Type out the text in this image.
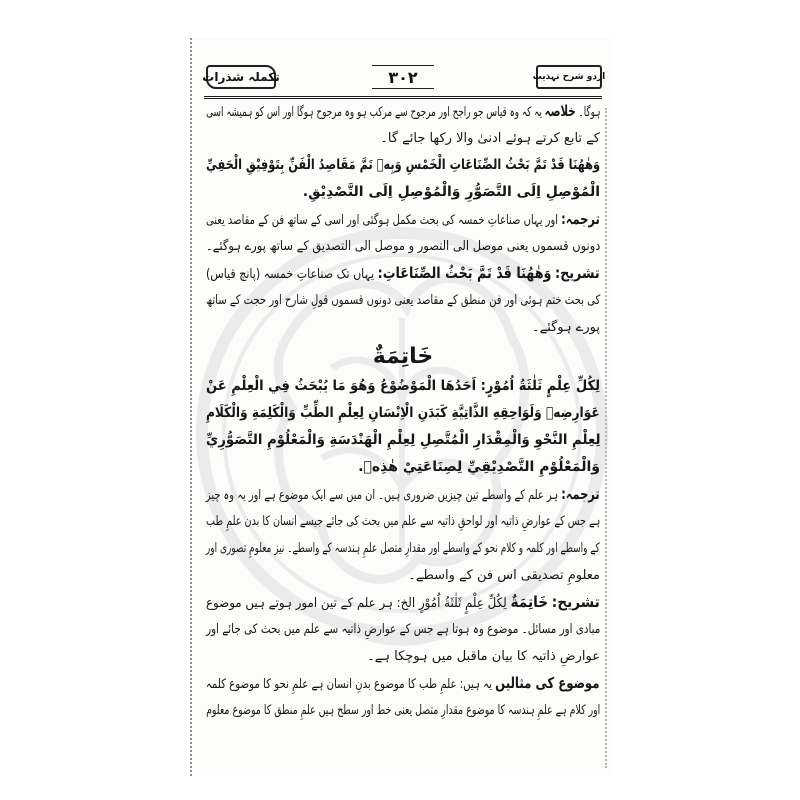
اردو شرح تہذیب
۳۰۲
تکملہ شذرات
ہوگا۔ خلاصہ یہ کہ وہ قیاس جو راجح اور مرجوح سے مرکب ہو وہ مرجوح ہوگا اور اس کو ہمیشہ اسی
کے تابع کرتے ہوئے ادنیٰ والا رکھا جائے گا۔
وَهٰهُنَا قَدْ تَمَّ بَحْثُ الصِّنَاعَاتِ الْخَمْسِ وَبِهٖ تَمَّ مَقَاصِدُ الْفَنِّ بِتَوْفِيْقِ الْحَفِيِّ
الْمُوْصِلِ اِلَى التَّصَوُّرِ وَالْمُوْصِلِ اِلَى التَّصْدِيْقِ.
ترجمہ: اور یہاں صناعاتِ خمسہ کی بحث مکمل ہوگئی اور اسی کے ساتھ فن کے مقاصد یعنی
دونوں قسموں یعنی موصل الی التصور و موصل الی التصدیق کے ساتھ پورے ہوگئے۔
تشریح: وَهٰهُنَا قَدْ تَمَّ بَحْثُ الصِّنَاعَاتِ: یہاں تک صناعاتِ خمسہ (پانچ قیاس)
کی بحث ختم ہوئی اور فن منطق کے مقاصد یعنی دونوں قسموں قولِ شارح اور حجت کے ساتھ
پورے ہوگئے۔
خَاتِمَةٌ
لِكُلِّ عِلْمٍ ثَلٰثَةُ اُمُوْرٍ: اَحَدُهَا الْمَوْضُوْعُ وَهُوَ مَا يُبْحَثُ فِي الْعِلْمِ عَنْ
عَوَارِضِهٖ وَلَوَاحِقِهِ الذَّاتِيَّةِ كَبَدَنِ الْاِنْسَانِ لِعِلْمِ الطِّبِّ وَالْكَلِمَةِ وَالْكَلَامِ
لِعِلْمِ النَّحْوِ وَالْمِقْدَارِ الْمُتَّصِلِ لِعِلْمِ الْهَنْدَسَةِ وَالْمَعْلُوْمِ التَّصَوُّرِيِّ
وَالْمَعْلُوْمِ التَّصْدِيْقِيِّ لِصِنَاعَتِيْ هٰذِهٖ.
ترجمہ: ہر علم کے واسطے تین چیزیں ضروری ہیں۔ ان میں سے ایک موضوع ہے اور یہ وہ چیز
ہے جس کے عوارضِ ذاتیہ اور لواحقِ ذاتیہ سے علم میں بحث کی جائے جیسے انسان کا بدن علمِ طب
کے واسطے اور کلمہ و کلام نحو کے واسطے اور مقدارِ متصل علمِ ہندسہ کے واسطے۔ نیز معلومِ تصوری اور
معلومِ تصدیقی اس فن کے واسطے۔
تشریح: خَاتِمَةٌ لِكُلِّ عِلْمٍ ثَلٰثَةُ اُمُوْرٍ الخ: ہر علم کے تین امور ہوتے ہیں موضوع
مبادی اور مسائل۔ موضوع وہ ہوتا ہے جس کے عوارضِ ذاتیہ سے علم میں بحث کی جائے اور
عوارضِ ذاتیہ کا بیان ماقبل میں ہوچکا ہے۔
موضوع کی مثالیں یہ ہیں: علمِ طب کا موضوع بدنِ انسان ہے علمِ نحو کا موضوع کلمہ
اور کلام ہے علمِ ہندسہ کا موضوع مقدارِ متصل یعنی خط اور سطح ہیں علمِ منطق کا موضوع معلوم
